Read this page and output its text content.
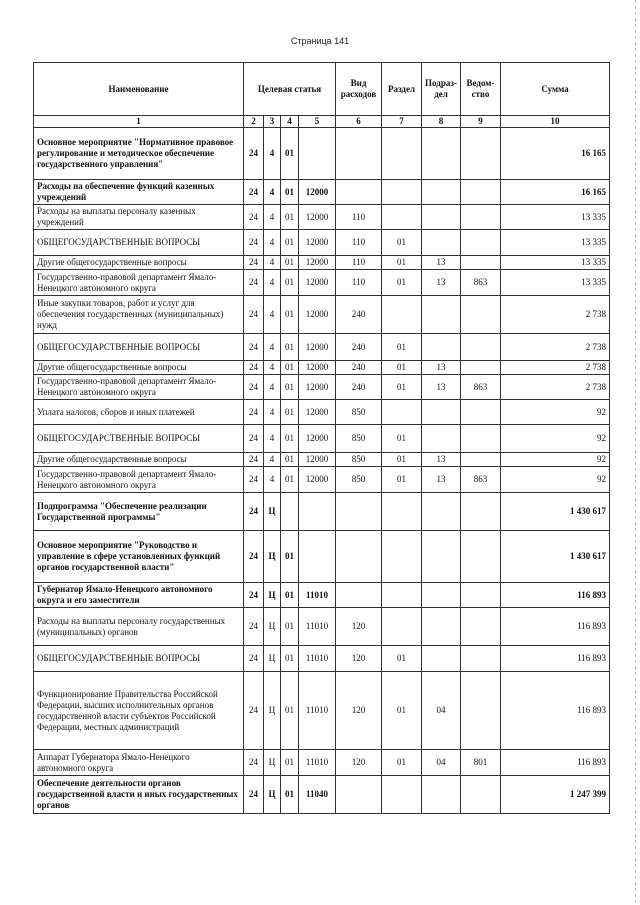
Страница 141
Наименование	Целевая статья				Вид расходов	Раздел	Подраз-дел	Ведом-ство	Сумма
1	2	3	4	5	6	7	8	9	10
Основное мероприятие "Нормативное правовое регулирование и методическое обеспечение государственного управления"	24	4	01						16 165
Расходы на обеспечение функций казенных учреждений	24	4	01	12000					16 165
Расходы на выплаты персоналу казенных учреждений	24	4	01	12000	110				13 335
ОБЩЕГОСУДАРСТВЕННЫЕ ВОПРОСЫ	24	4	01	12000	110	01			13 335
Другие общегосударственные вопросы	24	4	01	12000	110	01	13		13 335
Государственно-правовой департамент Ямало-Ненецкого автономного округа	24	4	01	12000	110	01	13	863	13 335
Иные закупки товаров, работ и услуг для обеспечения государственных (муниципальных) нужд	24	4	01	12000	240				2 738
ОБЩЕГОСУДАРСТВЕННЫЕ ВОПРОСЫ	24	4	01	12000	240	01			2 738
Другие общегосударственные вопросы	24	4	01	12000	240	01	13		2 738
Государственно-правовой департамент Ямало-Ненецкого автономного округа	24	4	01	12000	240	01	13	863	2 738
Уплата налогов, сборов и иных платежей	24	4	01	12000	850				92
ОБЩЕГОСУДАРСТВЕННЫЕ ВОПРОСЫ	24	4	01	12000	850	01			92
Другие общегосударственные вопросы	24	4	01	12000	850	01	13		92
Государственно-правовой департамент Ямало-Ненецкого автономного округа	24	4	01	12000	850	01	13	863	92
Подпрограмма "Обеспечение реализации Государственной программы"	24	Ц							1 430 617
Основное мероприятие "Руководство и управление в сфере установленных функций органов государственной власти"	24	Ц	01						1 430 617
Губернатор Ямало-Ненецкого автономного округа и его заместители	24	Ц	01	11010					116 893
Расходы на выплаты персоналу государственных (муниципальных) органов	24	Ц	01	11010	120				116 893
ОБЩЕГОСУДАРСТВЕННЫЕ ВОПРОСЫ	24	Ц	01	11010	120	01			116 893
Функционирование Правительства Российской Федерации, высших исполнительных органов государственной власти субъектов Российской Федерации, местных администраций	24	Ц	01	11010	120	01	04		116 893
Аппарат Губернатора Ямало-Ненецкого автономного округа	24	Ц	01	11010	120	01	04	801	116 893
Обеспечение деятельности органов государственной власти и иных государственных органов	24	Ц	01	11040					1 247 399
